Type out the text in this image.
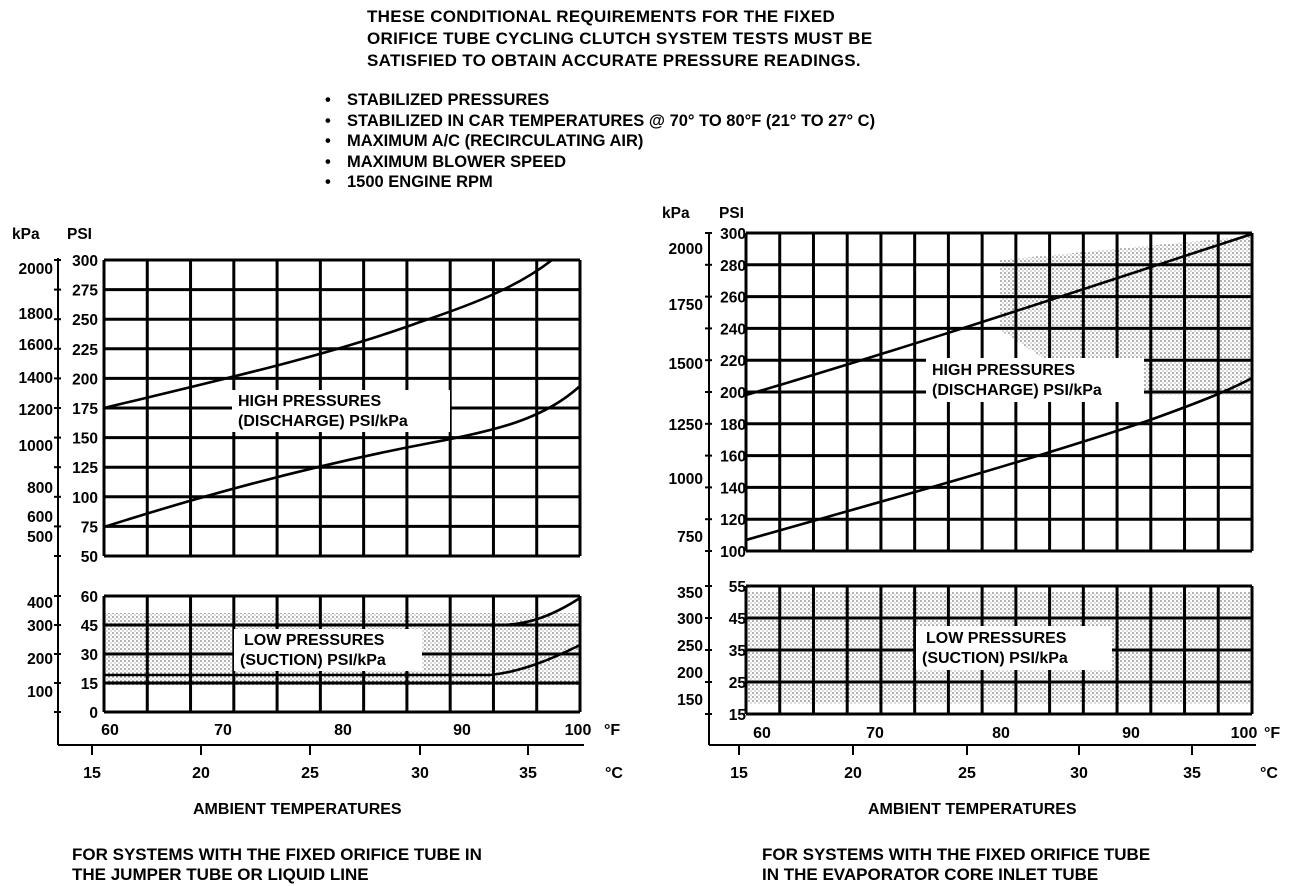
THESE CONDITIONAL REQUIREMENTS FOR THE FIXED
ORIFICE TUBE CYCLING CLUTCH SYSTEM TESTS MUST BE
SATISFIED TO OBTAIN ACCURATE PRESSURE READINGS.
• STABILIZED PRESSURES
• STABILIZED IN CAR TEMPERATURES @ 70° TO 80°F (21° TO 27° C)
• MAXIMUM A/C (RECIRCULATING AIR)
• MAXIMUM BLOWER SPEED
• 1500 ENGINE RPM
300
275
250
225
200
175
150
125
100
75
50
2000
1800
1600
1400
1200
1000
800
600
500
60
45
30
15
0
400
300
200
100
60	70	80	90	100 °F
15	20	25	30	35	°C
300
280
260
240
220
200
180
160
140
120
100
2000
1750
1500
1250
1000
750
55
45
35
25
15
350
300
250
200
150
60	70	80	90	100 °F
15	20	25	30	35	°C
kPa PSI
HIGH PRESSURES
(DISCHARGE) PSI/kPa
LOW PRESSURES
(SUCTION) PSI/kPa
AMBIENT TEMPERATURES
FOR SYSTEMS WITH THE FIXED ORIFICE TUBE IN
THE JUMPER TUBE OR LIQUID LINE
kPa PSI
HIGH PRESSURES
(DISCHARGE) PSI/kPa
LOW PRESSURES
(SUCTION) PSI/kPa
AMBIENT TEMPERATURES
FOR SYSTEMS WITH THE FIXED ORIFICE TUBE
IN THE EVAPORATOR CORE INLET TUBE
